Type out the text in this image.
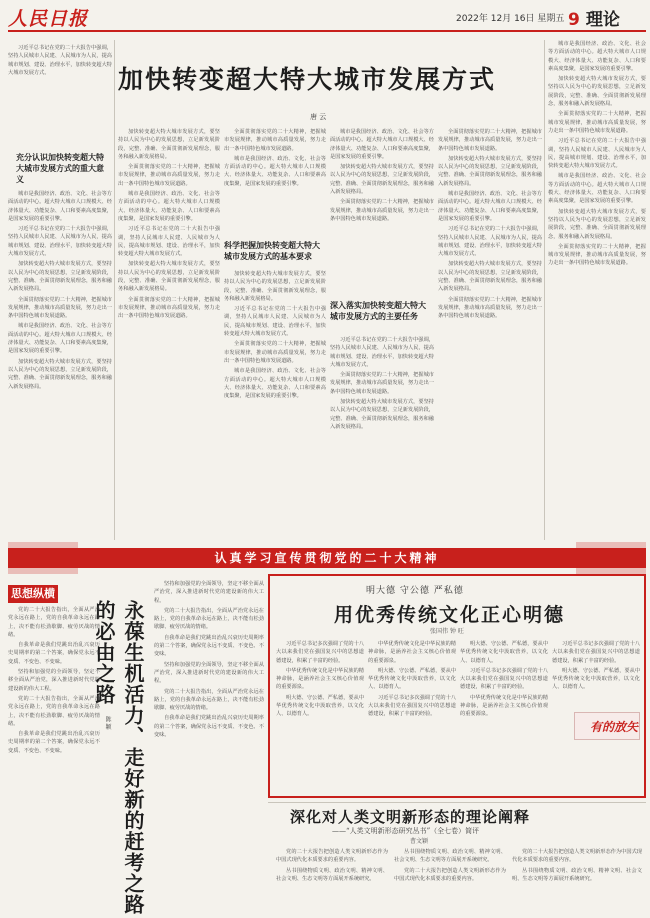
人民日报	2022年 12月 16日 星期五 9 理论
加快转变超大特大城市发展方式
唐 云

习近平总书记在党的二十大报告中强调，坚持人民城市人民建、人民城市为人民，提高城市规划、建设、治理水平，加快转变超大特大城市发展方式。

充分认识加快转变超大特大城市发展方式的重大意义

城市是我国经济、政治、文化、社会等方面活动的中心。超大特大城市人口规模大、经济体量大、功能复杂、人口和要素高度集聚，是国家发展的重要引擎。

习近平总书记在党的二十大报告中强调，坚持人民城市人民建、人民城市为人民，提高城市规划、建设、治理水平，加快转变超大特大城市发展方式。

加快转变超大特大城市发展方式，要坚持以人民为中心的发展思想，立足新发展阶段，完整、准确、全面贯彻新发展理念，服务和融入新发展格局。

全面贯彻落实党的二十大精神，把握城市发展规律，推动城市高质量发展，努力走出一条中国特色城市发展道路。

城市是我国经济、政治、文化、社会等方面活动的中心。超大特大城市人口规模大、经济体量大、功能复杂、人口和要素高度集聚，是国家发展的重要引擎。

加快转变超大特大城市发展方式，要坚持以人民为中心的发展思想，立足新发展阶段，完整、准确、全面贯彻新发展理念，服务和融入新发展格局。

加快转变超大特大城市发展方式，要坚持以人民为中心的发展思想，立足新发展阶段，完整、准确、全面贯彻新发展理念，服务和融入新发展格局。

全面贯彻落实党的二十大精神，把握城市发展规律，推动城市高质量发展，努力走出一条中国特色城市发展道路。

城市是我国经济、政治、文化、社会等方面活动的中心。超大特大城市人口规模大、经济体量大、功能复杂、人口和要素高度集聚，是国家发展的重要引擎。

习近平总书记在党的二十大报告中强调，坚持人民城市人民建、人民城市为人民，提高城市规划、建设、治理水平，加快转变超大特大城市发展方式。

加快转变超大特大城市发展方式，要坚持以人民为中心的发展思想，立足新发展阶段，完整、准确、全面贯彻新发展理念，服务和融入新发展格局。

全面贯彻落实党的二十大精神，把握城市发展规律，推动城市高质量发展，努力走出一条中国特色城市发展道路。

科学把握加快转变超大特大城市发展方式的基本要求

全面贯彻落实党的二十大精神，把握城市发展规律，推动城市高质量发展，努力走出一条中国特色城市发展道路。

城市是我国经济、政治、文化、社会等方面活动的中心。超大特大城市人口规模大、经济体量大、功能复杂、人口和要素高度集聚，是国家发展的重要引擎。

加快转变超大特大城市发展方式，要坚持以人民为中心的发展思想，立足新发展阶段，完整、准确、全面贯彻新发展理念，服务和融入新发展格局。

习近平总书记在党的二十大报告中强调，坚持人民城市人民建、人民城市为人民，提高城市规划、建设、治理水平，加快转变超大特大城市发展方式。

全面贯彻落实党的二十大精神，把握城市发展规律，推动城市高质量发展，努力走出一条中国特色城市发展道路。

城市是我国经济、政治、文化、社会等方面活动的中心。超大特大城市人口规模大、经济体量大、功能复杂、人口和要素高度集聚，是国家发展的重要引擎。

深入落实加快转变超大特大城市发展方式的主要任务

城市是我国经济、政治、文化、社会等方面活动的中心。超大特大城市人口规模大、经济体量大、功能复杂、人口和要素高度集聚，是国家发展的重要引擎。

加快转变超大特大城市发展方式，要坚持以人民为中心的发展思想，立足新发展阶段，完整、准确、全面贯彻新发展理念，服务和融入新发展格局。

全面贯彻落实党的二十大精神，把握城市发展规律，推动城市高质量发展，努力走出一条中国特色城市发展道路。

习近平总书记在党的二十大报告中强调，坚持人民城市人民建、人民城市为人民，提高城市规划、建设、治理水平，加快转变超大特大城市发展方式。

全面贯彻落实党的二十大精神，把握城市发展规律，推动城市高质量发展，努力走出一条中国特色城市发展道路。

加快转变超大特大城市发展方式，要坚持以人民为中心的发展思想，立足新发展阶段，完整、准确、全面贯彻新发展理念，服务和融入新发展格局。

全面贯彻落实党的二十大精神，把握城市发展规律，推动城市高质量发展，努力走出一条中国特色城市发展道路。

加快转变超大特大城市发展方式，要坚持以人民为中心的发展思想，立足新发展阶段，完整、准确、全面贯彻新发展理念，服务和融入新发展格局。

城市是我国经济、政治、文化、社会等方面活动的中心。超大特大城市人口规模大、经济体量大、功能复杂、人口和要素高度集聚，是国家发展的重要引擎。

习近平总书记在党的二十大报告中强调，坚持人民城市人民建、人民城市为人民，提高城市规划、建设、治理水平，加快转变超大特大城市发展方式。

加快转变超大特大城市发展方式，要坚持以人民为中心的发展思想，立足新发展阶段，完整、准确、全面贯彻新发展理念，服务和融入新发展格局。

全面贯彻落实党的二十大精神，把握城市发展规律，推动城市高质量发展，努力走出一条中国特色城市发展道路。

城市是我国经济、政治、文化、社会等方面活动的中心。超大特大城市人口规模大、经济体量大、功能复杂、人口和要素高度集聚，是国家发展的重要引擎。

加快转变超大特大城市发展方式，要坚持以人民为中心的发展思想，立足新发展阶段，完整、准确、全面贯彻新发展理念，服务和融入新发展格局。

全面贯彻落实党的二十大精神，把握城市发展规律，推动城市高质量发展，努力走出一条中国特色城市发展道路。

习近平总书记在党的二十大报告中强调，坚持人民城市人民建、人民城市为人民，提高城市规划、建设、治理水平，加快转变超大特大城市发展方式。

城市是我国经济、政治、文化、社会等方面活动的中心。超大特大城市人口规模大、经济体量大、功能复杂、人口和要素高度集聚，是国家发展的重要引擎。

加快转变超大特大城市发展方式，要坚持以人民为中心的发展思想，立足新发展阶段，完整、准确、全面贯彻新发展理念，服务和融入新发展格局。

全面贯彻落实党的二十大精神，把握城市发展规律，推动城市高质量发展，努力走出一条中国特色城市发展道路。

认真学习宣传贯彻党的二十大精神
思想纵横
永葆生机活力、走好新的赶考之路的必由之路
陈 颖

党的二十大报告指出，全面从严治党永远在路上，党的自我革命永远在路上，决不能有松劲歇脚、疲劳厌战的情绪。

自我革命是我们党跳出治乱兴衰历史周期率的第二个答案，确保党永远不变质、不变色、不变味。

坚持和加强党的全面领导，坚定不移全面从严治党，深入推进新时代党的建设新的伟大工程。

党的二十大报告指出，全面从严治党永远在路上，党的自我革命永远在路上，决不能有松劲歇脚、疲劳厌战的情绪。

自我革命是我们党跳出治乱兴衰历史周期率的第二个答案，确保党永远不变质、不变色、不变味。

坚持和加强党的全面领导，坚定不移全面从严治党，深入推进新时代党的建设新的伟大工程。

党的二十大报告指出，全面从严治党永远在路上，党的自我革命永远在路上，决不能有松劲歇脚、疲劳厌战的情绪。

自我革命是我们党跳出治乱兴衰历史周期率的第二个答案，确保党永远不变质、不变色、不变味。

坚持和加强党的全面领导，坚定不移全面从严治党，深入推进新时代党的建设新的伟大工程。

党的二十大报告指出，全面从严治党永远在路上，党的自我革命永远在路上，决不能有松劲歇脚、疲劳厌战的情绪。

自我革命是我们党跳出治乱兴衰历史周期率的第二个答案，确保党永远不变质、不变色、不变味。

明大德 守公德 严私德
用优秀传统文化正心明德
张国伟 钟 旺

习近平总书记多次强调了党的十八大以来我们党在强国复兴中的思想道德建设，积累了丰富的经验。

中华优秀传统文化是中华民族的精神命脉，是涵养社会主义核心价值观的重要源泉。

明大德、守公德、严私德，要从中华优秀传统文化中汲取营养，以文化人、以德育人。

中华优秀传统文化是中华民族的精神命脉，是涵养社会主义核心价值观的重要源泉。

明大德、守公德、严私德，要从中华优秀传统文化中汲取营养，以文化人、以德育人。

习近平总书记多次强调了党的十八大以来我们党在强国复兴中的思想道德建设，积累了丰富的经验。

明大德、守公德、严私德，要从中华优秀传统文化中汲取营养，以文化人、以德育人。

习近平总书记多次强调了党的十八大以来我们党在强国复兴中的思想道德建设，积累了丰富的经验。

中华优秀传统文化是中华民族的精神命脉，是涵养社会主义核心价值观的重要源泉。

习近平总书记多次强调了党的十八大以来我们党在强国复兴中的思想道德建设，积累了丰富的经验。

明大德、守公德、严私德，要从中华优秀传统文化中汲取营养，以文化人、以德育人。

有的放矢
深化对人类文明新形态的理论阐释
——“人类文明新形态研究丛书”（全七卷）简评
曹文颖

党的二十大报告把创造人类文明新形态作为中国式现代化本质要求的重要内容。

丛书围绕物质文明、政治文明、精神文明、社会文明、生态文明等方面展开系统研究。

丛书围绕物质文明、政治文明、精神文明、社会文明、生态文明等方面展开系统研究。

党的二十大报告把创造人类文明新形态作为中国式现代化本质要求的重要内容。

党的二十大报告把创造人类文明新形态作为中国式现代化本质要求的重要内容。

丛书围绕物质文明、政治文明、精神文明、社会文明、生态文明等方面展开系统研究。
